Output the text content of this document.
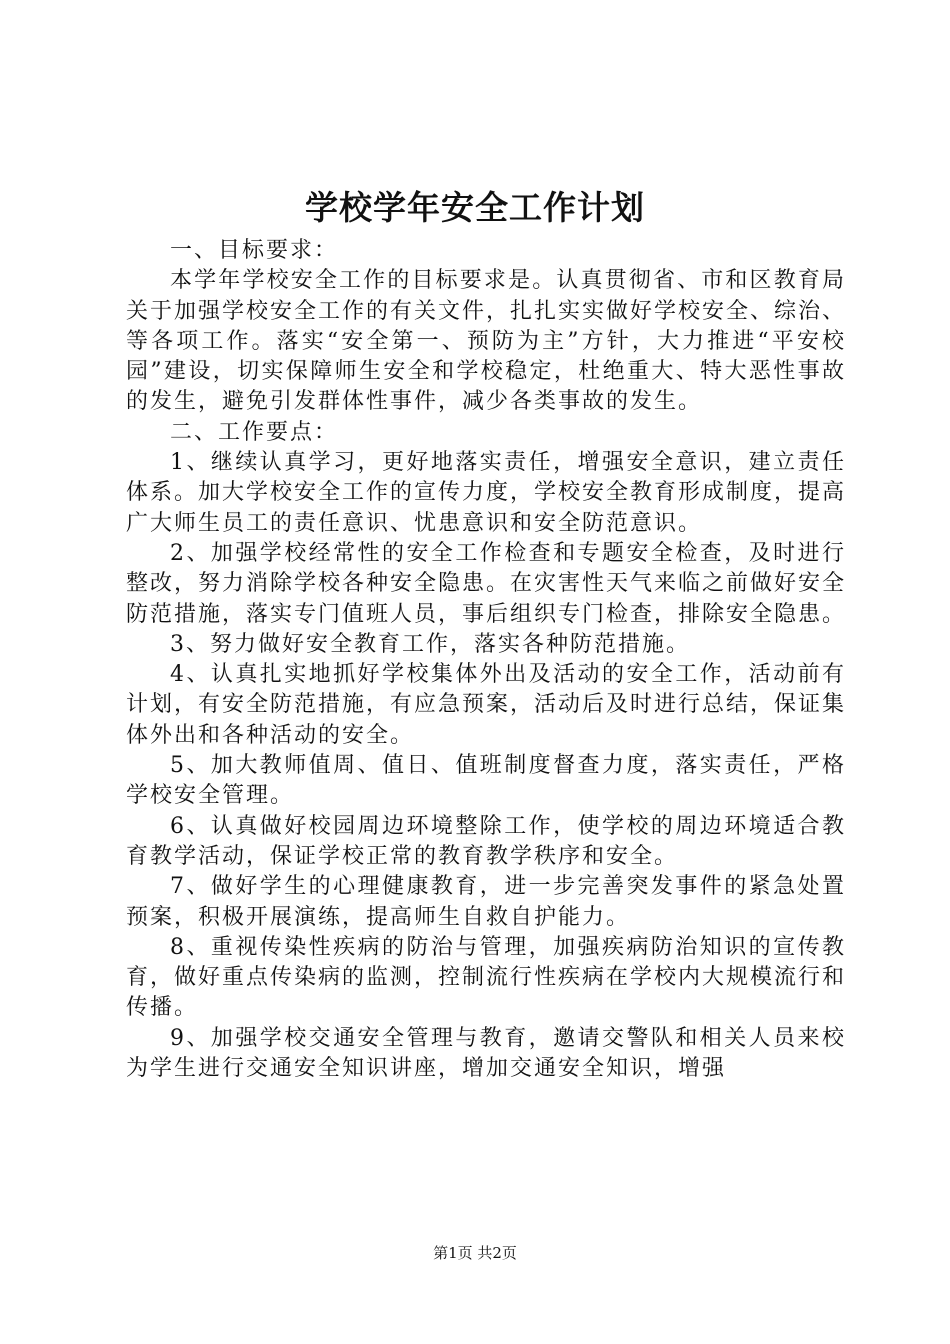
学校学年安全工作计划

一、目标要求：

本学年学校安全工作的目标要求是。认真贯彻省、市和区教育局关于加强学校安全工作的有关文件，扎扎实实做好学校安全、综治、等各项工作。落实“安全第一、预防为主”方针，大力推进“平安校园”建设，切实保障师生安全和学校稳定，杜绝重大、特大恶性事故的发生，避免引发群体性事件，减少各类事故的发生。

二、工作要点：

1、继续认真学习，更好地落实责任，增强安全意识，建立责任体系。加大学校安全工作的宣传力度，学校安全教育形成制度，提高广大师生员工的责任意识、忧患意识和安全防范意识。

2、加强学校经常性的安全工作检查和专题安全检查，及时进行整改，努力消除学校各种安全隐患。在灾害性天气来临之前做好安全防范措施，落实专门值班人员，事后组织专门检查，排除安全隐患。

3、努力做好安全教育工作，落实各种防范措施。

4、认真扎实地抓好学校集体外出及活动的安全工作，活动前有计划，有安全防范措施，有应急预案，活动后及时进行总结，保证集体外出和各种活动的安全。

5、加大教师值周、值日、值班制度督查力度，落实责任，严格学校安全管理。

6、认真做好校园周边环境整除工作，使学校的周边环境适合教育教学活动，保证学校正常的教育教学秩序和安全。

7、做好学生的心理健康教育，进一步完善突发事件的紧急处置预案，积极开展演练，提高师生自救自护能力。

8、重视传染性疾病的防治与管理，加强疾病防治知识的宣传教育，做好重点传染病的监测，控制流行性疾病在学校内大规模流行和传播。

9、加强学校交通安全管理与教育，邀请交警队和相关人员来校为学生进行交通安全知识讲座，增加交通安全知识，增强

第1页 共2页
